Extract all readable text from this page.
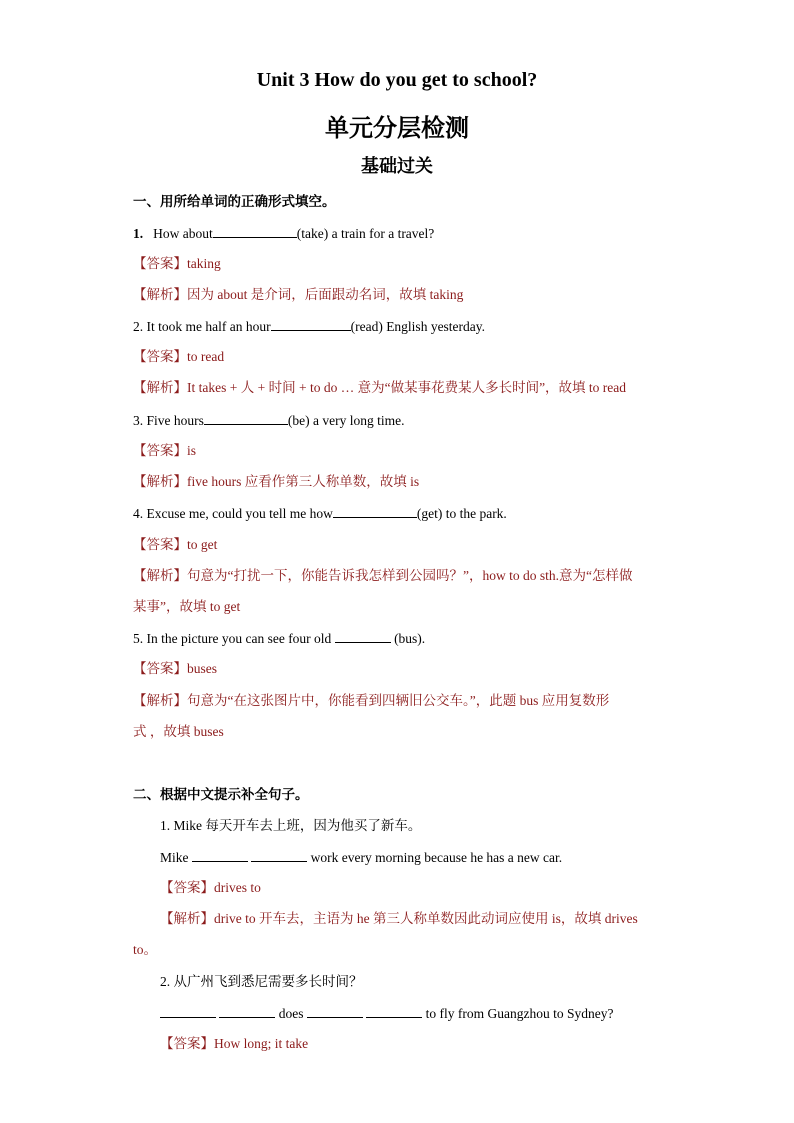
Unit 3 How do you get to school?
单元分层检测
基础过关
一、用所给单词的正确形式填空。
1. How about	(take) a train for a travel?
【答案】taking
【解析】因为 about 是介词，后面跟动名词，故填 taking
2. It took me half an hour	(read) English yesterday.
【答案】to read
【解析】It takes + 人 + 时间 + to do … 意为“做某事花费某人多长时间”，故填 to read
3. Five hours	(be) a very long time.
【答案】is
【解析】five hours 应看作第三人称单数，故填 is
4. Excuse me, could you tell me how	(get) to the park.
【答案】to get
【解析】句意为“打扰一下，你能告诉我怎样到公园吗？”，how to do sth.意为“怎样做
某事”，故填 to get
5. In the picture you can see four old	(bus).
【答案】buses
【解析】句意为“在这张图片中，你能看到四辆旧公交车。”，此题 bus 应用复数形
式 ，故填 buses
二、根据中文提示补全句子。
1. Mike 每天开车去上班，因为他买了新车。
Mike	work every morning because he has a new car.
【答案】drives to
【解析】drive to 开车去，主语为 he 第三人称单数因此动词应使用 is，故填 drives
to。
2. 从广州飞到悉尼需要多长时间？
does	to fly from Guangzhou to Sydney?
【答案】How long; it take
